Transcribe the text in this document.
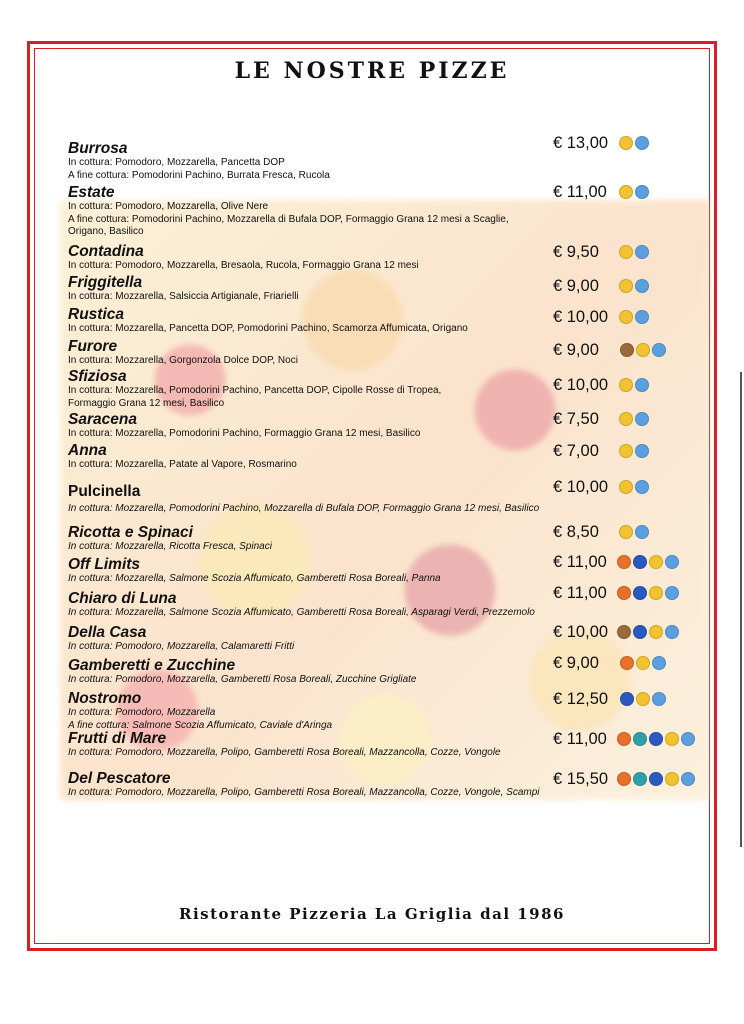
LE NOSTRE PIZZE
Burrosa
In cottura: Pomodoro, Mozzarella, Pancetta DOP
A fine cottura: Pomodorini Pachino, Burrata Fresca, Rucola
€ 13,00
Estate
In cottura: Pomodoro, Mozzarella, Olive Nere
A fine cottura: Pomodorini Pachino, Mozzarella di Bufala DOP, Formaggio Grana 12 mesi a Scaglie,
Origano, Basilico
€ 11,00
Contadina
In cottura: Pomodoro, Mozzarella, Bresaola, Rucola, Formaggio Grana 12 mesi
€ 9,50
Friggitella
In cottura: Mozzarella, Salsiccia Artigianale, Friarielli
€ 9,00
Rustica
In cottura: Mozzarella, Pancetta DOP, Pomodorini Pachino, Scamorza Affumicata, Origano
€ 10,00
Furore
In cottura: Mozzarella, Gorgonzola Dolce DOP, Noci
€ 9,00
Sfiziosa
In cottura: Mozzarella, Pomodorini Pachino, Pancetta DOP, Cipolle Rosse di Tropea,
Formaggio Grana 12 mesi, Basilico
€ 10,00
Saracena
In cottura: Mozzarella, Pomodorini Pachino, Formaggio Grana 12 mesi, Basilico
€ 7,50
Anna
In cottura: Mozzarella, Patate al Vapore, Rosmarino
€ 7,00
Pulcinella
In cottura: Mozzarella, Pomodorini Pachino, Mozzarella di Bufala DOP, Formaggio Grana 12 mesi, Basilico
€ 10,00
Ricotta e Spinaci
In cottura: Mozzarella, Ricotta Fresca, Spinaci
€ 8,50
Off Limits
In cottura: Mozzarella, Salmone Scozia Affumicato, Gamberetti Rosa Boreali, Panna
€ 11,00
Chiaro di Luna
In cottura: Mozzarella, Salmone Scozia Affumicato, Gamberetti Rosa Boreali, Asparagi Verdi, Prezzemolo
€ 11,00
Della Casa
In cottura: Pomodoro, Mozzarella, Calamaretti Fritti
€ 10,00
Gamberetti e Zucchine
In cottura: Pomodoro, Mozzarella, Gamberetti Rosa Boreali, Zucchine Grigliate
€ 9,00
Nostromo
In cottura: Pomodoro, Mozzarella
A fine cottura: Salmone Scozia Affumicato, Caviale d'Aringa
€ 12,50
Frutti di Mare
In cottura: Pomodoro, Mozzarella, Polipo, Gamberetti Rosa Boreali, Mazzancolla, Cozze, Vongole
€ 11,00
Del Pescatore
In cottura: Pomodoro, Mozzarella, Polipo, Gamberetti Rosa Boreali, Mazzancolla, Cozze, Vongole, Scampi
€ 15,50
Ristorante Pizzeria La Griglia dal 1986
